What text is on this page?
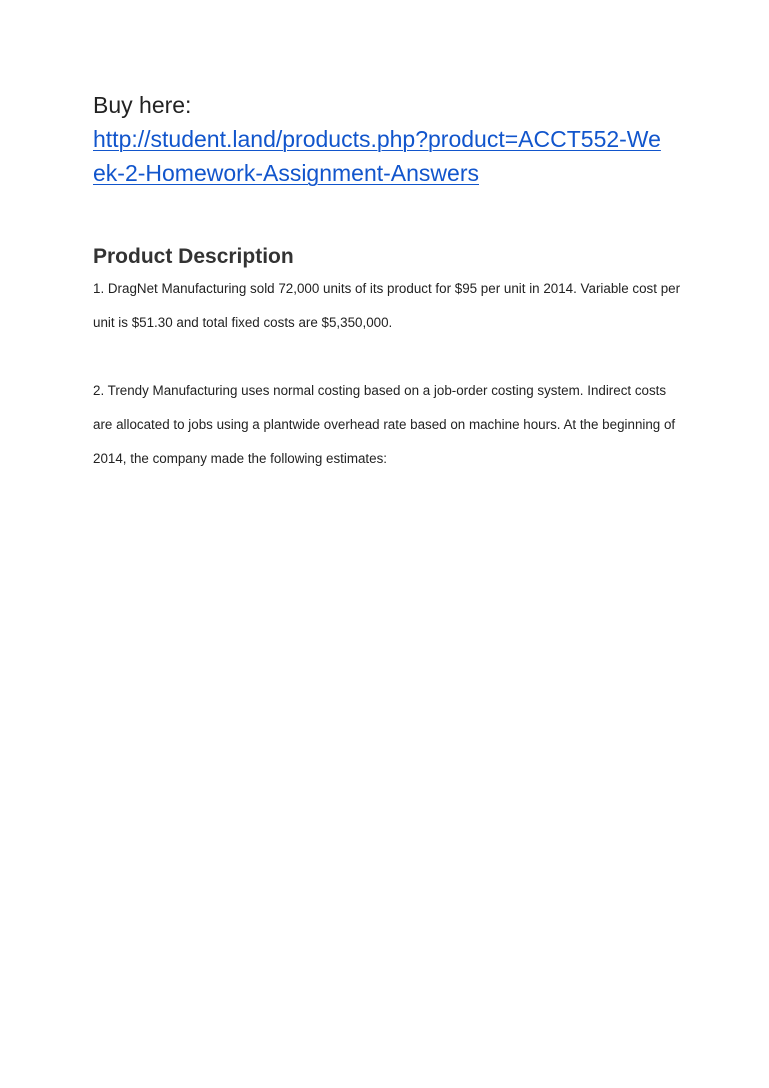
Buy here:

http://student.land/products.php?product=ACCT552-Week-2-Homework-Assignment-Answers
Product Description

1. DragNet Manufacturing sold 72,000 units of its product for $95 per unit in 2014. Variable cost per unit is $51.30 and total fixed costs are $5,350,000.

2. Trendy Manufacturing uses normal costing based on a job-order costing system. Indirect costs are allocated to jobs using a plantwide overhead rate based on machine hours. At the beginning of 2014, the company made the following estimates:
